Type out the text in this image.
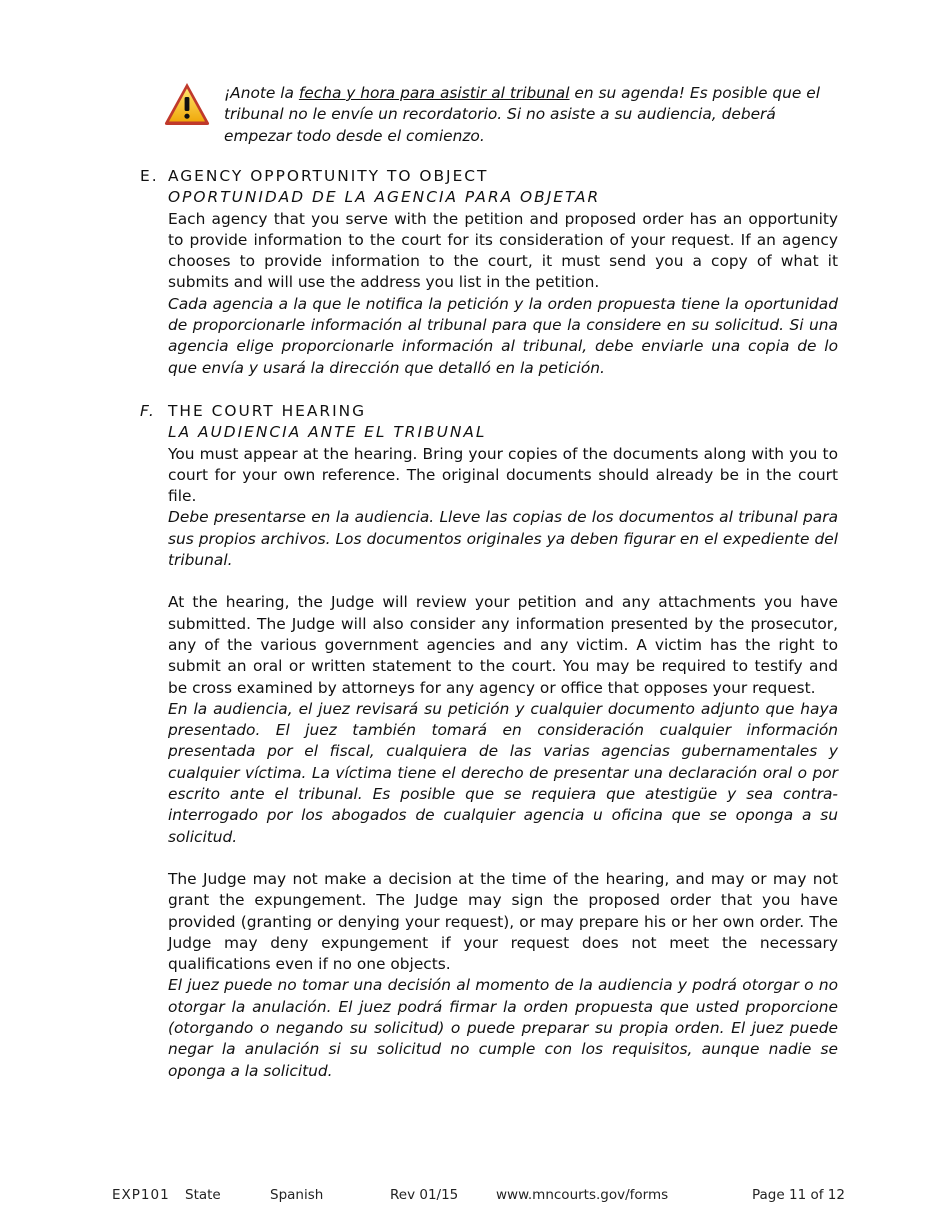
¡Anote la fecha y hora para asistir al tribunal en su agenda! Es posible que el tribunal no le envíe un recordatorio. Si no asiste a su audiencia, deberá empezar todo desde el comienzo.
E. AGENCY OPPORTUNITY TO OBJECT
OPORTUNIDAD DE LA AGENCIA PARA OBJETAR
Each agency that you serve with the petition and proposed order has an opportunity to provide information to the court for its consideration of your request. If an agency chooses to provide information to the court, it must send you a copy of what it submits and will use the address you list in the petition.
Cada agencia a la que le notifica la petición y la orden propuesta tiene la oportunidad de proporcionarle información al tribunal para que la considere en su solicitud. Si una agencia elige proporcionarle información al tribunal, debe enviarle una copia de lo que envía y usará la dirección que detalló en la petición.
F. THE COURT HEARING
LA AUDIENCIA ANTE EL TRIBUNAL
You must appear at the hearing. Bring your copies of the documents along with you to court for your own reference. The original documents should already be in the court file.
Debe presentarse en la audiencia. Lleve las copias de los documentos al tribunal para sus propios archivos. Los documentos originales ya deben figurar en el expediente del tribunal.
At the hearing, the Judge will review your petition and any attachments you have submitted. The Judge will also consider any information presented by the prosecutor, any of the various government agencies and any victim. A victim has the right to submit an oral or written statement to the court. You may be required to testify and be cross examined by attorneys for any agency or office that opposes your request.
En la audiencia, el juez revisará su petición y cualquier documento adjunto que haya presentado. El juez también tomará en consideración cualquier información presentada por el fiscal, cualquiera de las varias agencias gubernamentales y cualquier víctima. La víctima tiene el derecho de presentar una declaración oral o por escrito ante el tribunal. Es posible que se requiera que atestigüe y sea contra-interrogado por los abogados de cualquier agencia u oficina que se oponga a su solicitud.
The Judge may not make a decision at the time of the hearing, and may or may not grant the expungement. The Judge may sign the proposed order that you have provided (granting or denying your request), or may prepare his or her own order. The Judge may deny expungement if your request does not meet the necessary qualifications even if no one objects.
El juez puede no tomar una decisión al momento de la audiencia y podrá otorgar o no otorgar la anulación. El juez podrá firmar la orden propuesta que usted proporcione (otorgando o negando su solicitud) o puede preparar su propia orden. El juez puede negar la anulación si su solicitud no cumple con los requisitos, aunque nadie se oponga a la solicitud.
EXP101 State	Spanish	Rev 01/15	www.mncourts.gov/forms	Page 11 of 12
